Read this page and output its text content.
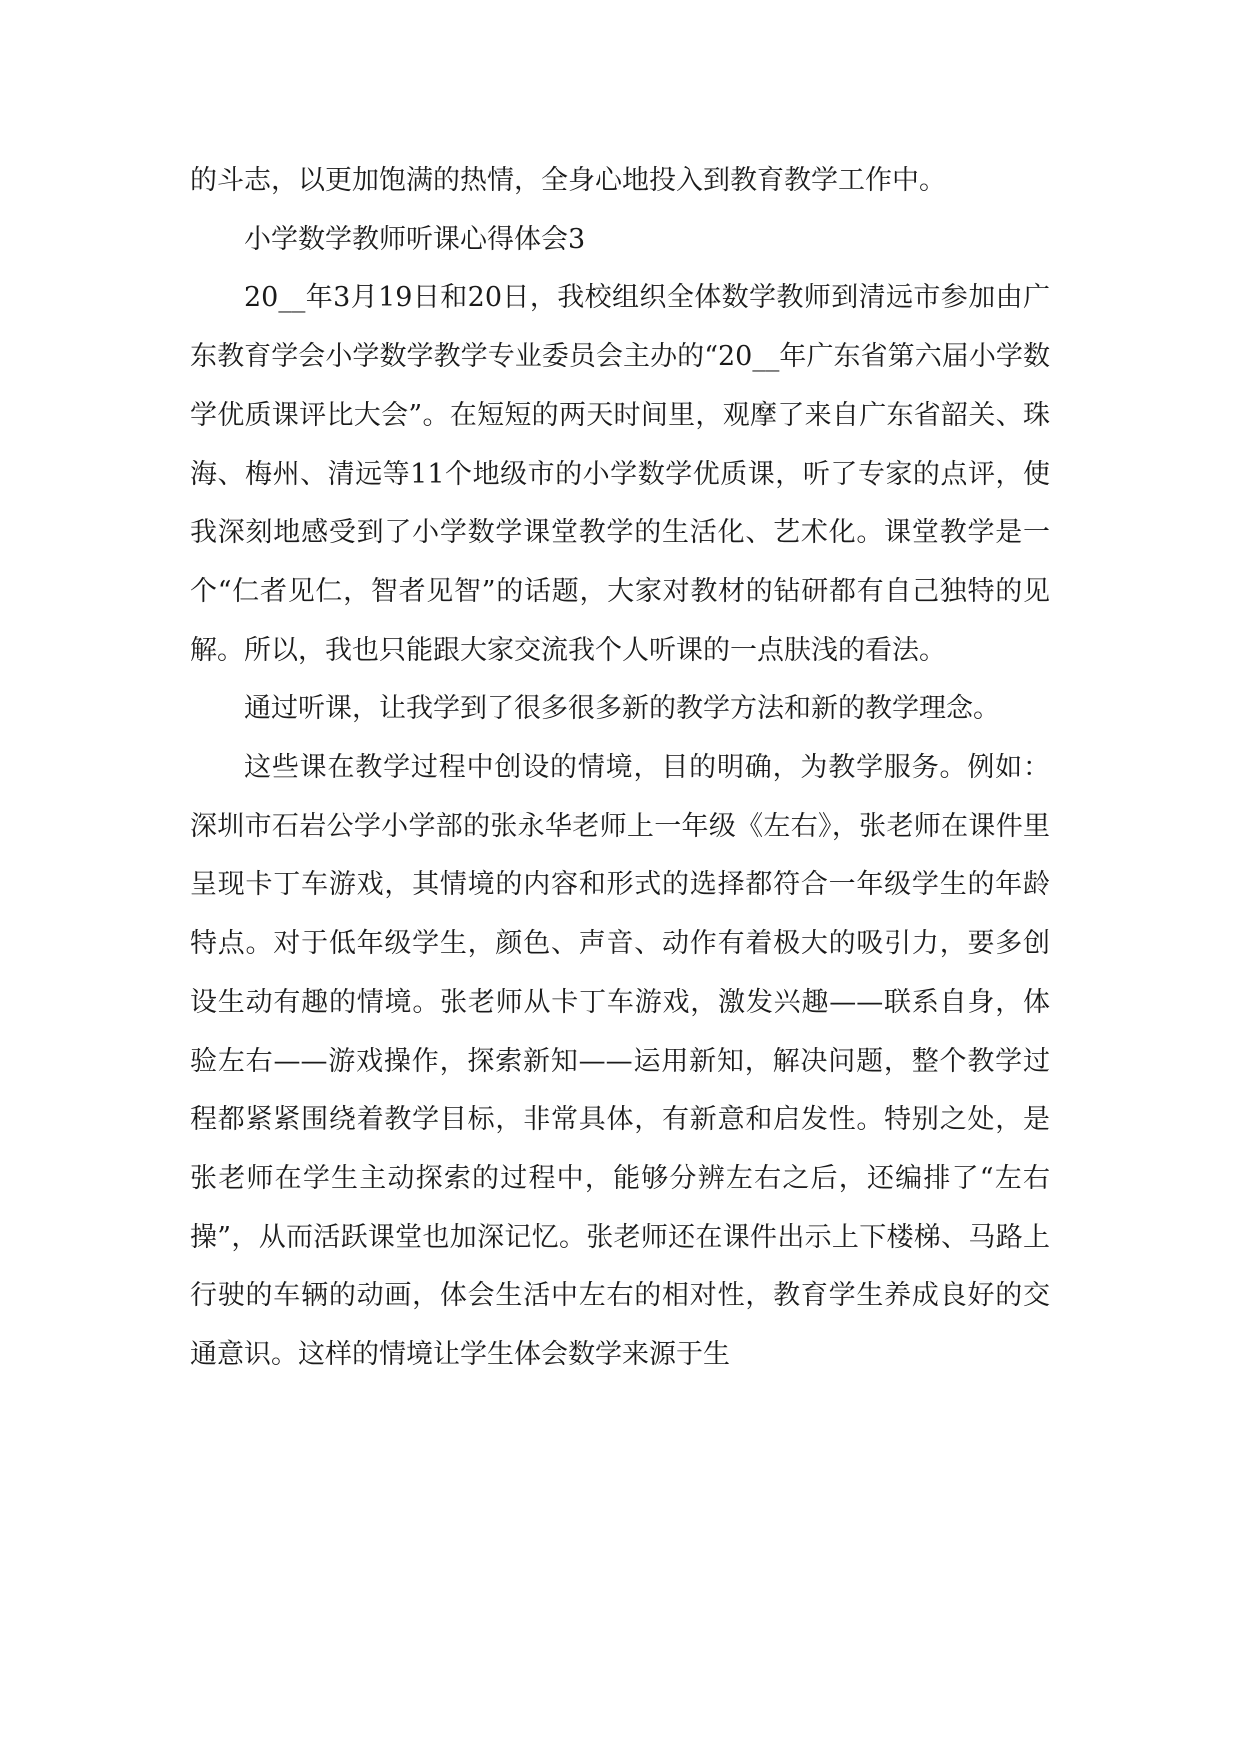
的斗志，以更加饱满的热情，全身心地投入到教育教学工作中。

小学数学教师听课心得体会3

20__年3月19日和20日，我校组织全体数学教师到清远市参加由广东教育学会小学数学教学专业委员会主办的“20__年广东省第六届小学数学优质课评比大会”。在短短的两天时间里，观摩了来自广东省韶关、珠海、梅州、清远等11个地级市的小学数学优质课，听了专家的点评，使我深刻地感受到了小学数学课堂教学的生活化、艺术化。课堂教学是一个“仁者见仁，智者见智”的话题，大家对教材的钻研都有自己独特的见解。所以，我也只能跟大家交流我个人听课的一点肤浅的看法。

通过听课，让我学到了很多很多新的教学方法和新的教学理念。

这些课在教学过程中创设的情境，目的明确，为教学服务。例如：深圳市石岩公学小学部的张永华老师上一年级《左右》，张老师在课件里呈现卡丁车游戏，其情境的内容和形式的选择都符合一年级学生的年龄特点。对于低年级学生，颜色、声音、动作有着极大的吸引力，要多创设生动有趣的情境。张老师从卡丁车游戏，激发兴趣——联系自身，体验左右——游戏操作，探索新知——运用新知，解决问题，整个教学过程都紧紧围绕着教学目标，非常具体，有新意和启发性。特别之处，是张老师在学生主动探索的过程中，能够分辨左右之后，还编排了“左右操”，从而活跃课堂也加深记忆。张老师还在课件出示上下楼梯、马路上行驶的车辆的动画，体会生活中左右的相对性，教育学生养成良好的交通意识。这样的情境让学生体会数学来源于生
